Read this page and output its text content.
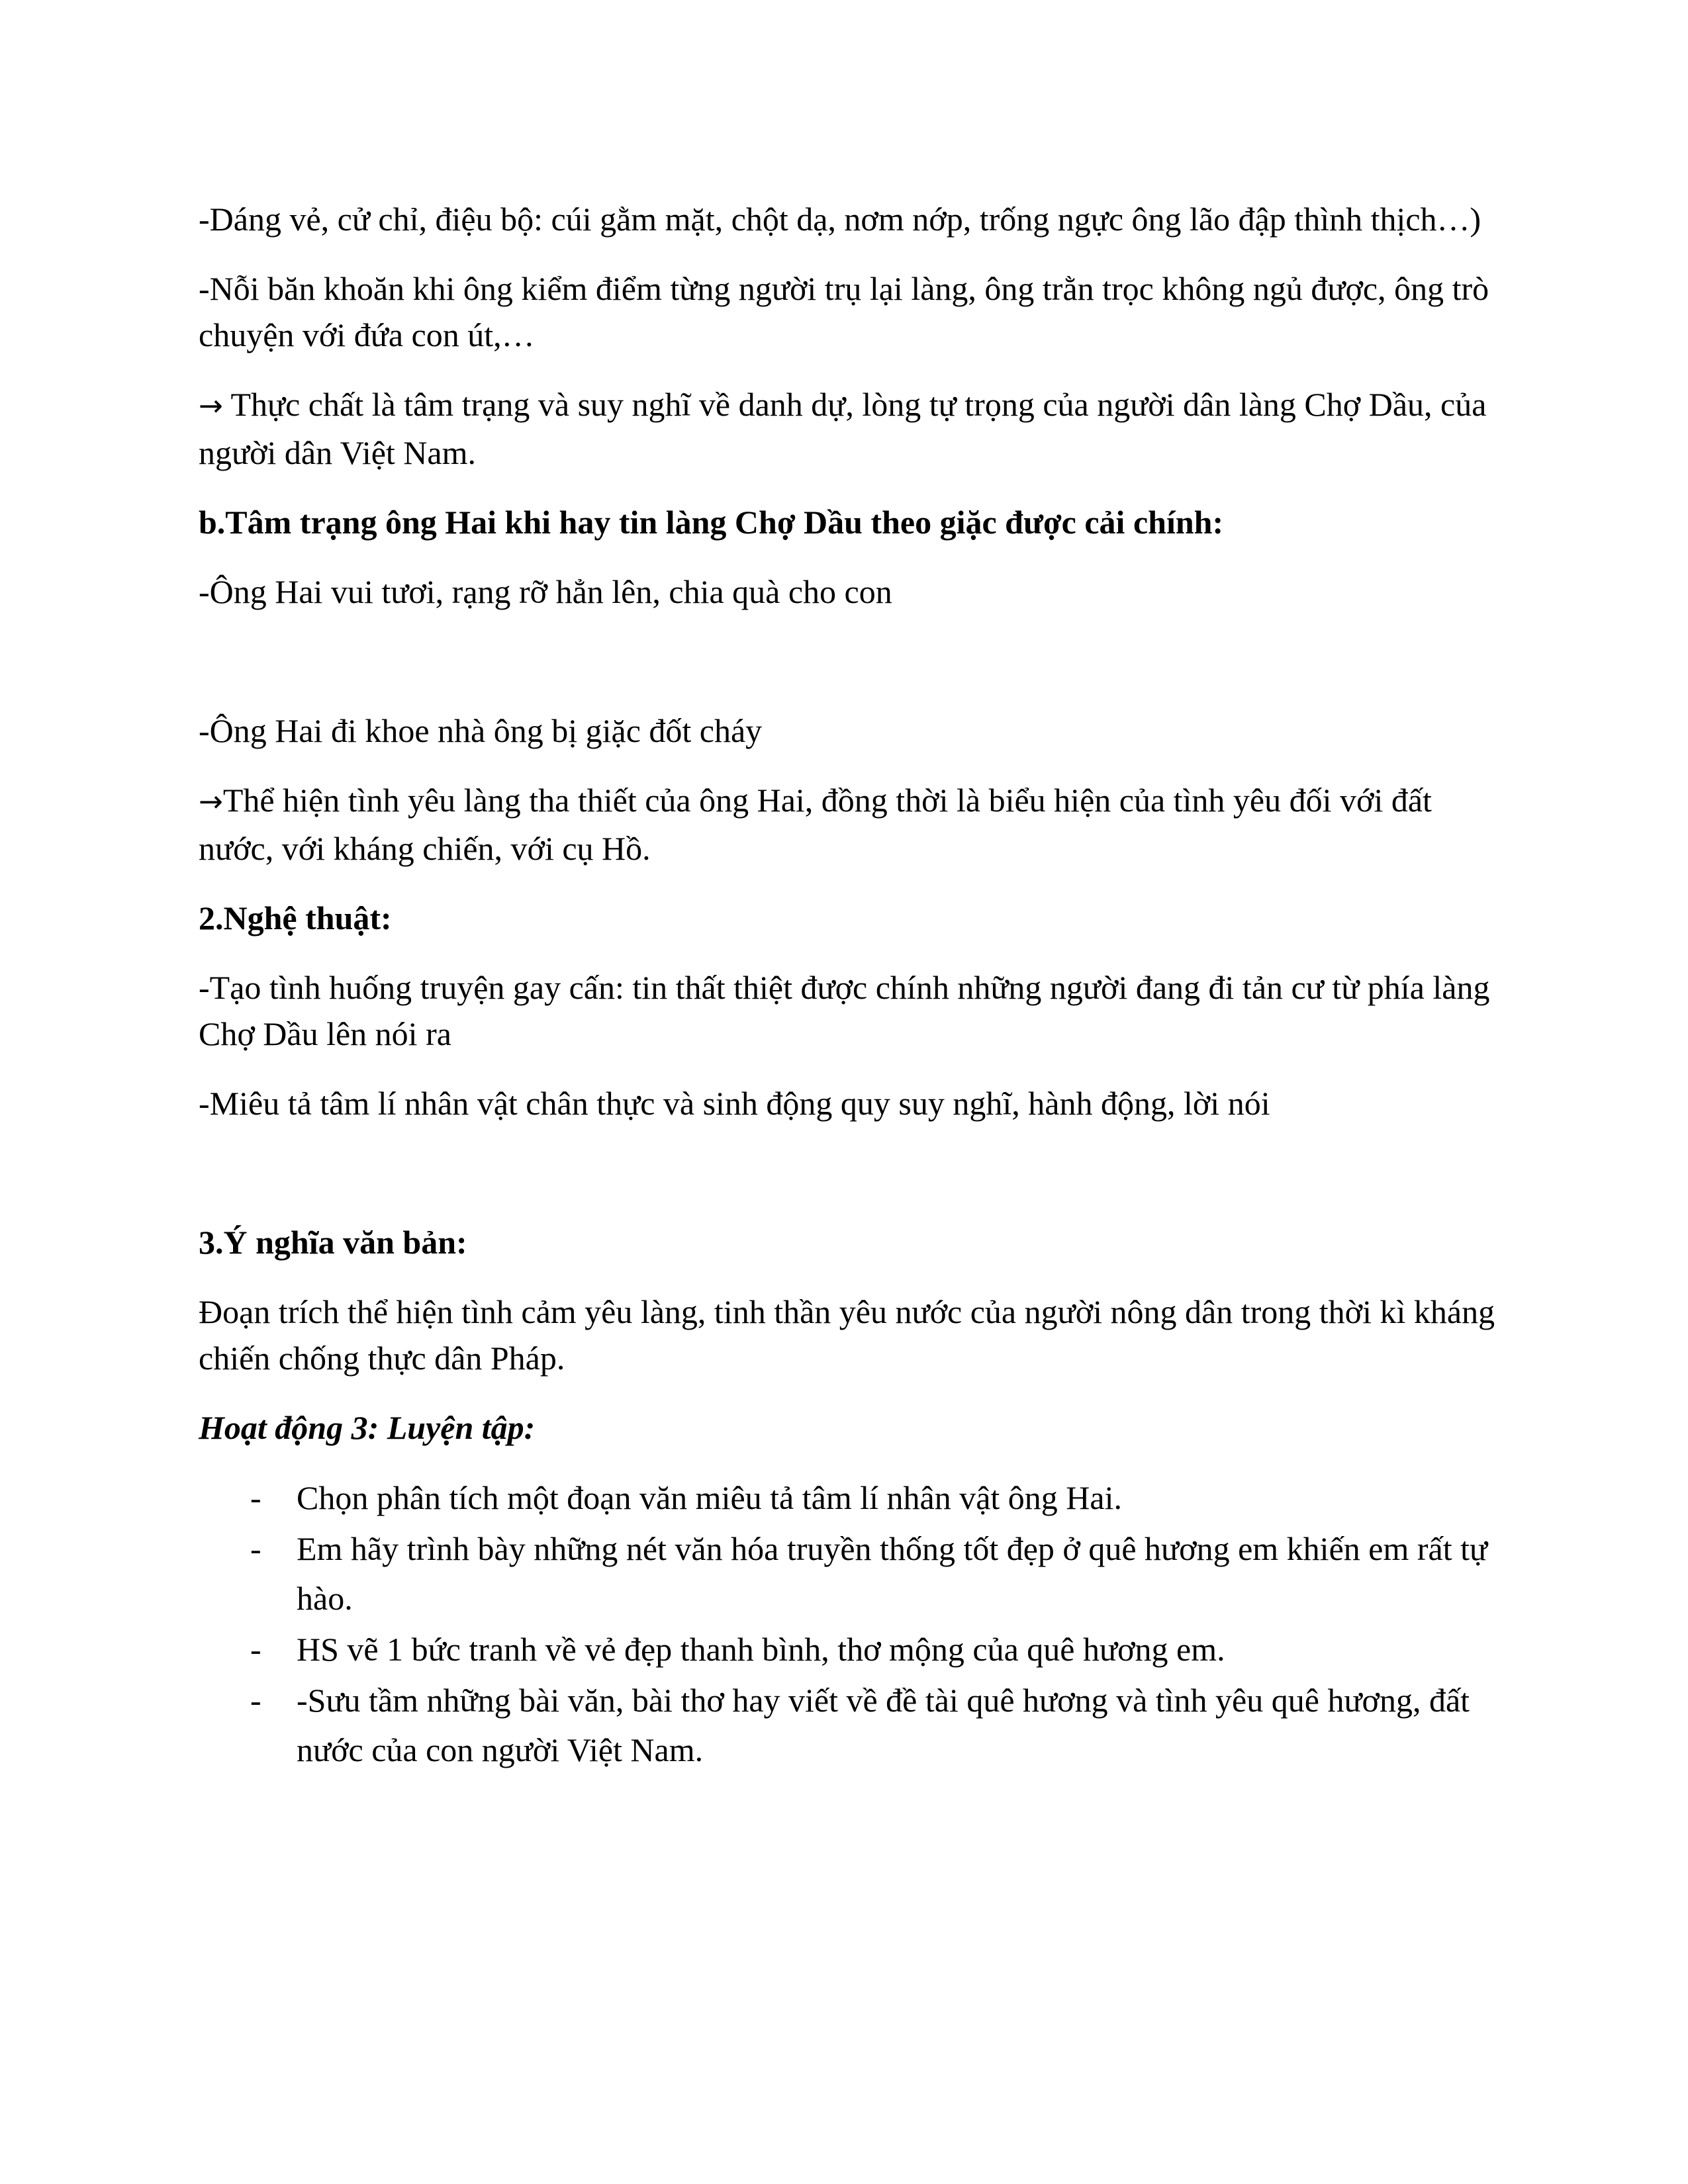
-Dáng vẻ, cử chỉ, điệu bộ: cúi gằm mặt, chột dạ, nơm nớp, trống ngực ông lão đập thình thịch…)

-Nỗi băn khoăn khi ông kiểm điểm từng người trụ lại làng, ông trằn trọc không ngủ được, ông trò chuyện với đứa con út,…

→ Thực chất là tâm trạng và suy nghĩ về danh dự, lòng tự trọng của người dân làng Chợ Dầu, của người dân Việt Nam.

b.Tâm trạng ông Hai khi hay tin làng Chợ Dầu theo giặc được cải chính:

-Ông Hai vui tươi, rạng rỡ hẳn lên, chia quà cho con

-Ông Hai đi khoe nhà ông bị giặc đốt cháy

→Thể hiện tình yêu làng tha thiết của ông Hai, đồng thời là biểu hiện của tình yêu đối với đất nước, với kháng chiến, với cụ Hồ.

2.Nghệ thuật:

-Tạo tình huống truyện gay cấn: tin thất thiệt được chính những người đang đi tản cư từ phía làng Chợ Dầu lên nói ra

-Miêu tả tâm lí nhân vật chân thực và sinh động quy suy nghĩ, hành động, lời nói

3.Ý nghĩa văn bản:

Đoạn trích thể hiện tình cảm yêu làng, tinh thần yêu nước của người nông dân trong thời kì kháng chiến chống thực dân Pháp.

Hoạt động 3: Luyện tập:

- Chọn phân tích một đoạn văn miêu tả tâm lí nhân vật ông Hai.
- Em hãy trình bày những nét văn hóa truyền thống tốt đẹp ở quê hương em khiến em rất tự hào.
- HS vẽ 1 bức tranh về vẻ đẹp thanh bình, thơ mộng của quê hương em.
- -Sưu tầm những bài văn, bài thơ hay viết về đề tài quê hương và tình yêu quê hương, đất nước của con người Việt Nam.
